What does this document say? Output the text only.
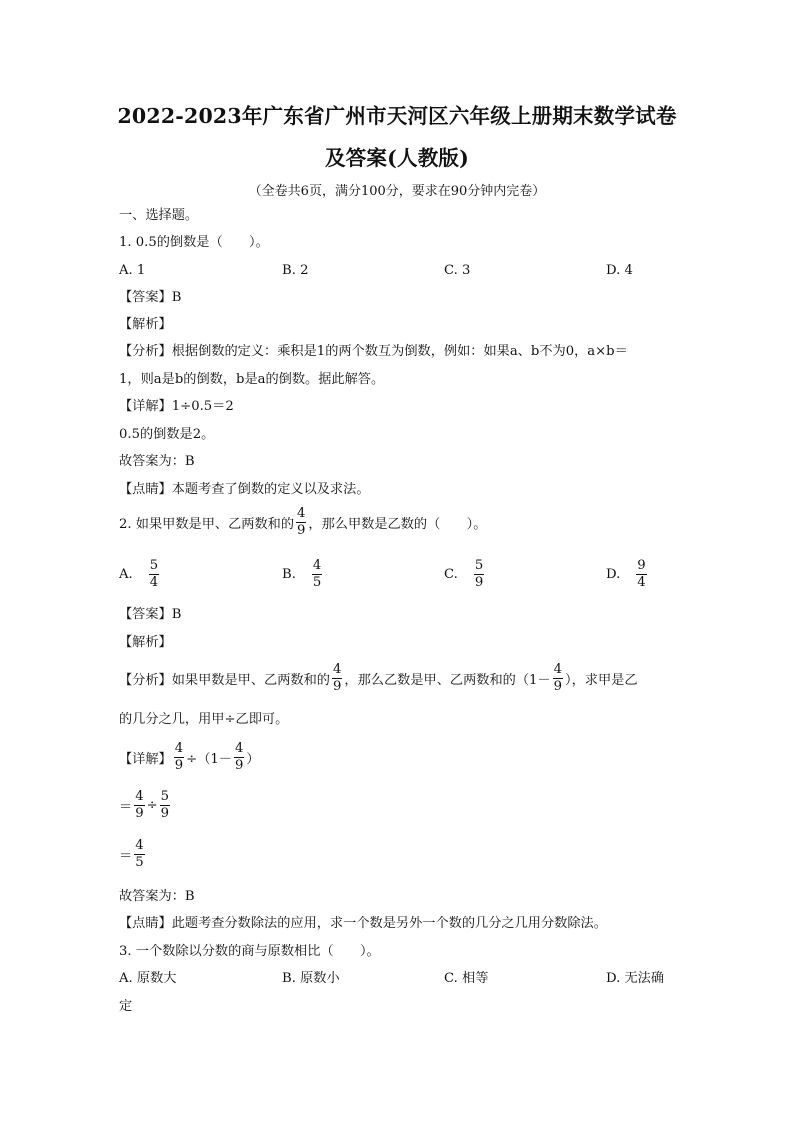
2022-2023年广东省广州市天河区六年级上册期末数学试卷
及答案(人教版)
（全卷共6页，满分100分，要求在90分钟内完卷）
一、选择题。
1. 0.5的倒数是（　　）。
A. 1	B. 2	C. 3	D. 4
【答案】B
【解析】
【分析】根据倒数的定义：乘积是1的两个数互为倒数，例如：如果a、b不为0，a×b＝
1，则a是b的倒数，b是a的倒数。据此解答。
【详解】1÷0.5＝2
0.5的倒数是2。
故答案为：B
【点睛】本题考查了倒数的定义以及求法。
2. 如果甲数是甲、乙两数和的 $\frac{4}{9}$ ，那么甲数是乙数的（　　）。
A. $\frac{5}{4}$	B. $\frac{4}{5}$	C. $\frac{5}{9}$	D. $\frac{9}{4}$
【答案】B
【解析】
【分析】如果甲数是甲、乙两数和的 $\frac{4}{9}$ ，那么乙数是甲、乙两数和的（$1- \frac{4}{9}$ ），求甲是乙
的几分之几，用甲÷乙即可。
【详解】 $\frac{4}{9} \div(1- \frac{4}{9}$ ）
＝ $\frac{4}{9} \div \frac{5}{9}$
＝ $\frac{4}{5}$
故答案为：B
【点睛】此题考查分数除法的应用，求一个数是另外一个数的几分之几用分数除法。
3. 一个数除以分数的商与原数相比（　　）。
A. 原数大	B. 原数小	C. 相等	D. 无法确
定
